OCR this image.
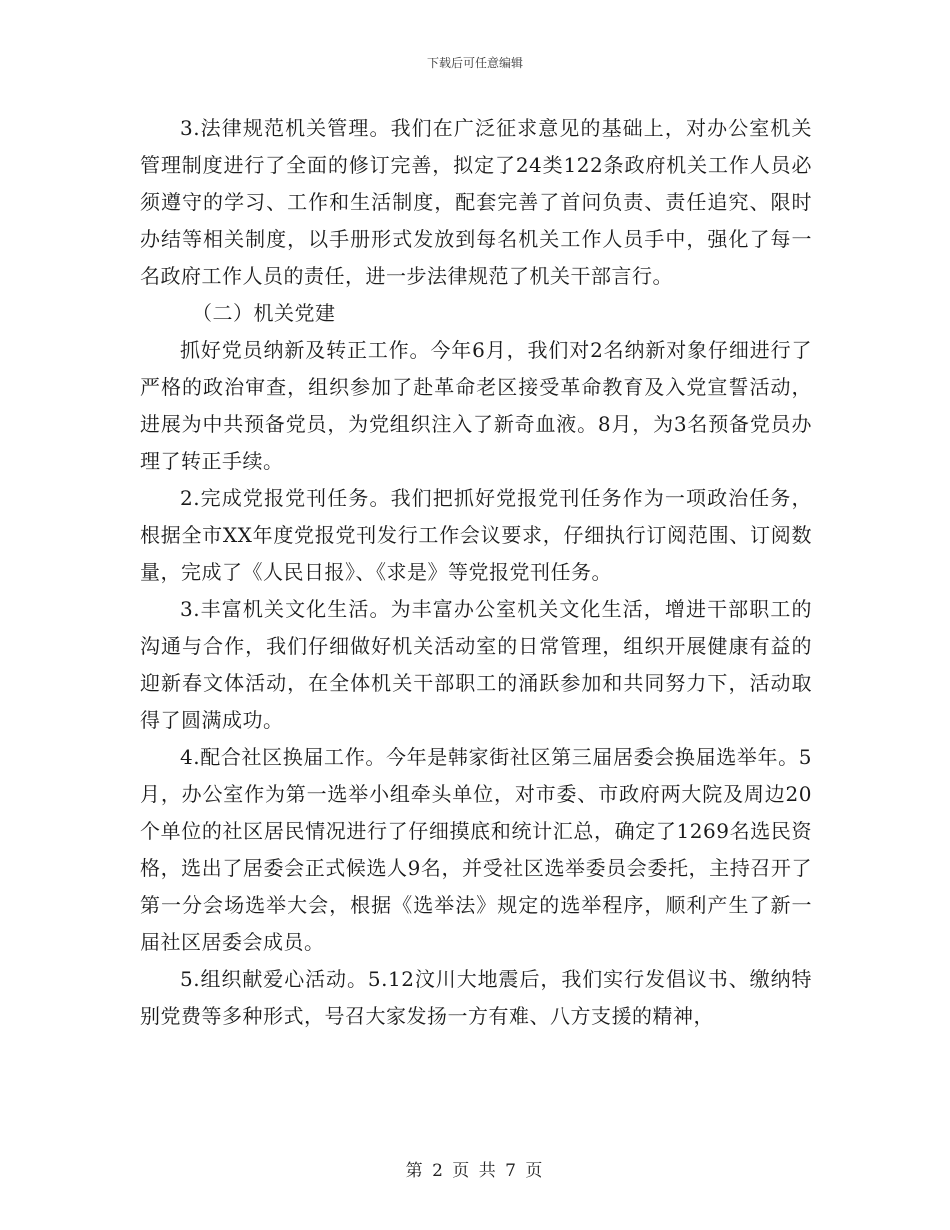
下载后可任意编辑

3.法律规范机关管理。我们在广泛征求意见的基础上，对办公室机关管理制度进行了全面的修订完善，拟定了24类122条政府机关工作人员必须遵守的学习、工作和生活制度，配套完善了首问负责、责任追究、限时办结等相关制度，以手册形式发放到每名机关工作人员手中，强化了每一名政府工作人员的责任，进一步法律规范了机关干部言行。

（二）机关党建

抓好党员纳新及转正工作。今年6月，我们对2名纳新对象仔细进行了严格的政治审查，组织参加了赴革命老区接受革命教育及入党宣誓活动，进展为中共预备党员，为党组织注入了新奇血液。8月，为3名预备党员办理了转正手续。

2.完成党报党刊任务。我们把抓好党报党刊任务作为一项政治任务，根据全市XX年度党报党刊发行工作会议要求，仔细执行订阅范围、订阅数量，完成了《人民日报》、《求是》等党报党刊任务。

3.丰富机关文化生活。为丰富办公室机关文化生活，增进干部职工的沟通与合作，我们仔细做好机关活动室的日常管理，组织开展健康有益的迎新春文体活动，在全体机关干部职工的涌跃参加和共同努力下，活动取得了圆满成功。

4.配合社区换届工作。今年是韩家街社区第三届居委会换届选举年。5月，办公室作为第一选举小组牵头单位，对市委、市政府两大院及周边20个单位的社区居民情况进行了仔细摸底和统计汇总，确定了1269名选民资格，选出了居委会正式候选人9名，并受社区选举委员会委托，主持召开了第一分会场选举大会，根据《选举法》规定的选举程序，顺利产生了新一届社区居委会成员。

5.组织献爱心活动。5.12汶川大地震后，我们实行发倡议书、缴纳特别党费等多种形式，号召大家发扬一方有难、八方支援的精神，

第 2 页 共 7 页
